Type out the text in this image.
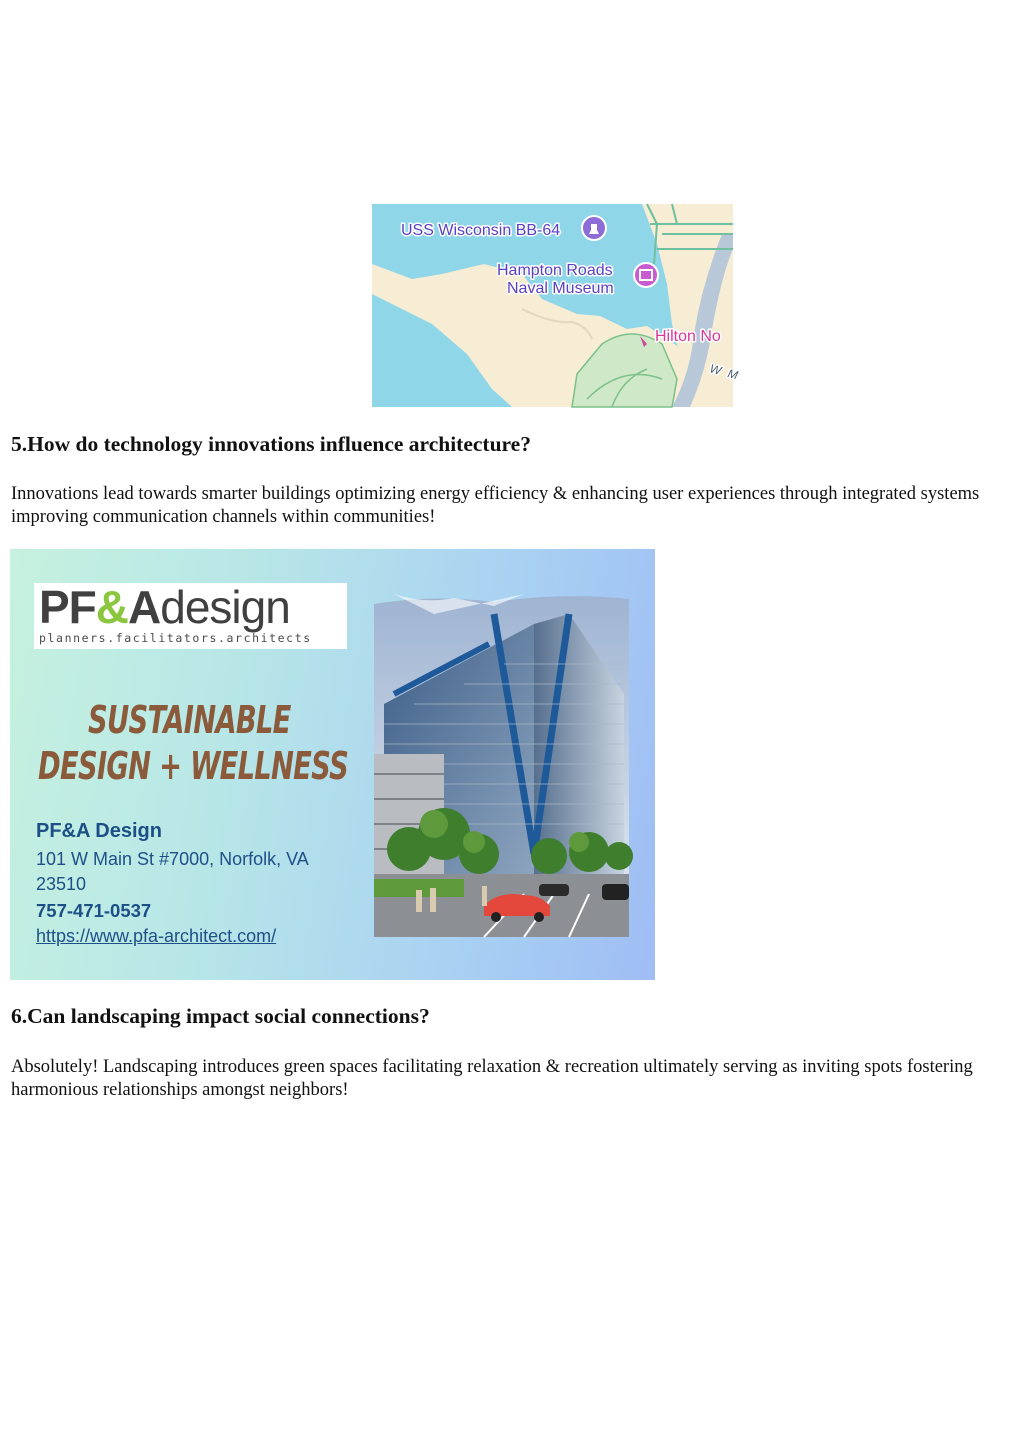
USS Wisconsin BB-64
Hampton Roads
Naval Museum
Hilton No
W M
5.How do technology innovations influence architecture?

Innovations lead towards smarter buildings optimizing energy efficiency & enhancing user experiences through integrated systems improving communication channels within communities!

PF&Adesign
planners.facilitators.architects
SUSTAINABLE
DESIGN + WELLNESS
PF&A Design
101 W Main St #7000, Norfolk, VA
23510
757-471-0537
https://www.pfa-architect.com/
6.Can landscaping impact social connections?

Absolutely! Landscaping introduces green spaces facilitating relaxation & recreation ultimately serving as inviting spots fostering harmonious relationships amongst neighbors!
